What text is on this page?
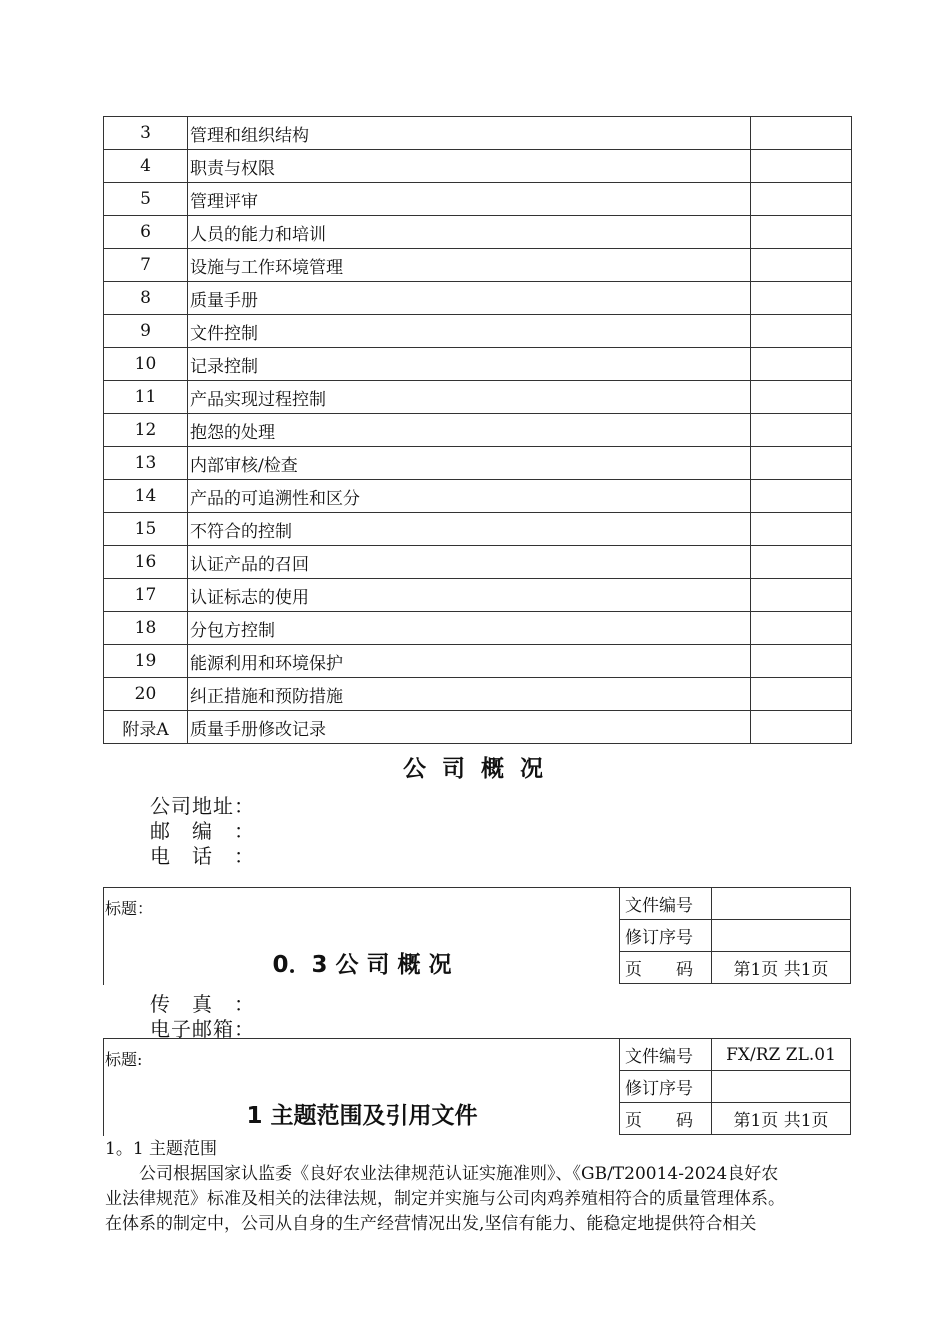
3	管理和组织结构	
4	职责与权限	
5	管理评审	
6	人员的能力和培训	
7	设施与工作环境管理	
8	质量手册	
9	文件控制	
10	记录控制	
11	产品实现过程控制	
12	抱怨的处理	
13	内部审核/检查	
14	产品的可追溯性和区分	
15	不符合的控制	
16	认证产品的召回	
17	认证标志的使用	
18	分包方控制	
19	能源利用和环境保护	
20	纠正措施和预防措施	
附录A	质量手册修改记录	
公 司 概 况
公司地址：
邮　编　：
电　话　：
标题：
0．3 公 司 概 况
文件编号	
修订序号	
页　　码	第1页 共1页
传　真　：
电子邮箱：
标题:
1 主题范围及引用文件
文件编号	FX/RZ ZL.01
修订序号	
页　　码	第1页 共1页
1。1 主题范围
　　公司根据国家认监委《良好农业法律规范认证实施准则》、《GB/T20014-2024良好农
业法律规范》标准及相关的法律法规，制定并实施与公司肉鸡养殖相符合的质量管理体系。
在体系的制定中，公司从自身的生产经营情况出发,坚信有能力、能稳定地提供符合相关
